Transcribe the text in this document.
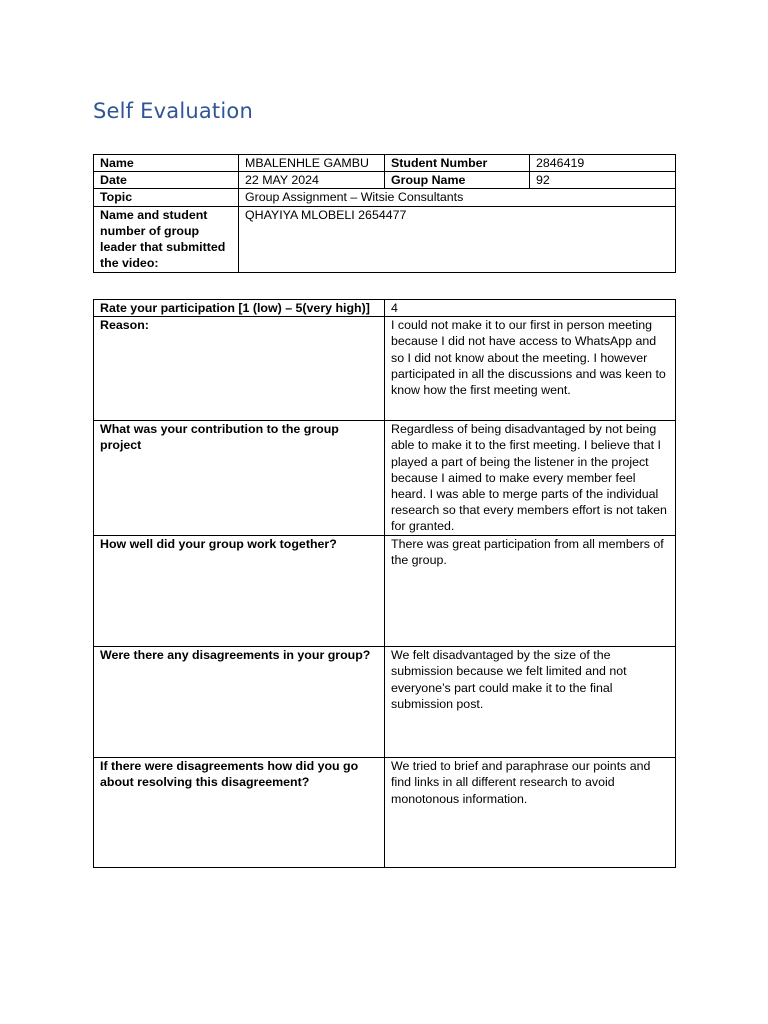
Self Evaluation
Name	MBALENHLE GAMBU	Student Number	2846419
Date	22 MAY 2024	Group Name	92
Topic	Group Assignment – Witsie Consultants		
Name and student number of group leader that submitted the video:	QHAYIYA MLOBELI 2654477		
Rate your participation [1 (low) – 5(very high)]	4
Reason:	I could not make it to our first in person meeting because I did not have access to WhatsApp and so I did not know about the meeting. I however participated in all the discussions and was keen to know how the first meeting went.
What was your contribution to the group project	Regardless of being disadvantaged by not being able to make it to the first meeting. I believe that I played a part of being the listener in the project because I aimed to make every member feel heard. I was able to merge parts of the individual research so that every members effort is not taken for granted.
How well did your group work together?	There was great participation from all members of the group.
Were there any disagreements in your group?	We felt disadvantaged by the size of the submission because we felt limited and not everyone’s part could make it to the final submission post.
If there were disagreements how did you go about resolving this disagreement?	We tried to brief and paraphrase our points and find links in all different research to avoid monotonous information.
